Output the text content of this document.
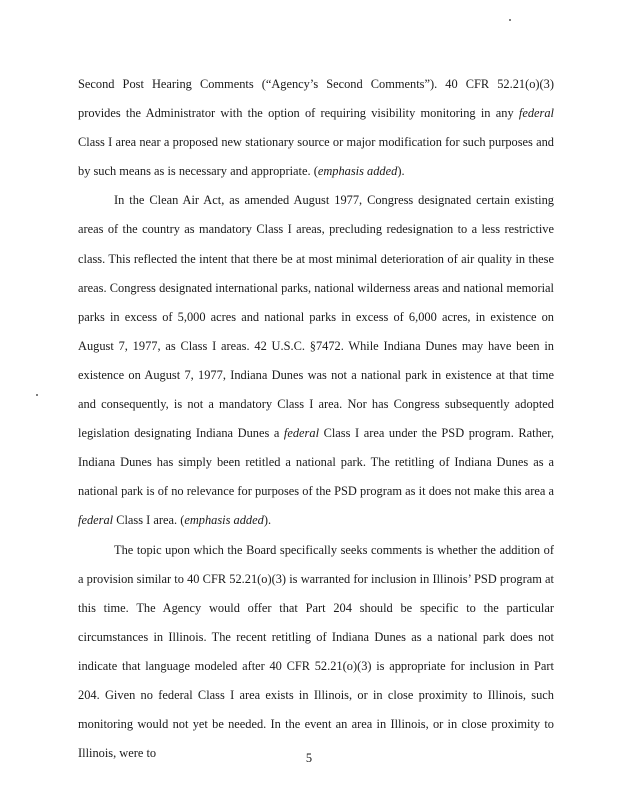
Second Post Hearing Comments (“Agency’s Second Comments”). 40 CFR 52.21(o)(3) provides the Administrator with the option of requiring visibility monitoring in any federal Class I area near a proposed new stationary source or major modification for such purposes and by such means as is necessary and appropriate. (emphasis added).

In the Clean Air Act, as amended August 1977, Congress designated certain existing areas of the country as mandatory Class I areas, precluding redesignation to a less restrictive class. This reflected the intent that there be at most minimal deterioration of air quality in these areas. Congress designated international parks, national wilderness areas and national memorial parks in excess of 5,000 acres and national parks in excess of 6,000 acres, in existence on August 7, 1977, as Class I areas. 42 U.S.C. §7472. While Indiana Dunes may have been in existence on August 7, 1977, Indiana Dunes was not a national park in existence at that time and consequently, is not a mandatory Class I area. Nor has Congress subsequently adopted legislation designating Indiana Dunes a federal Class I area under the PSD program. Rather, Indiana Dunes has simply been retitled a national park. The retitling of Indiana Dunes as a national park is of no relevance for purposes of the PSD program as it does not make this area a federal Class I area. (emphasis added).

The topic upon which the Board specifically seeks comments is whether the addition of a provision similar to 40 CFR 52.21(o)(3) is warranted for inclusion in Illinois’ PSD program at this time. The Agency would offer that Part 204 should be specific to the particular circumstances in Illinois. The recent retitling of Indiana Dunes as a national park does not indicate that language modeled after 40 CFR 52.21(o)(3) is appropriate for inclusion in Part 204. Given no federal Class I area exists in Illinois, or in close proximity to Illinois, such monitoring would not yet be needed. In the event an area in Illinois, or in close proximity to Illinois, were to	5
